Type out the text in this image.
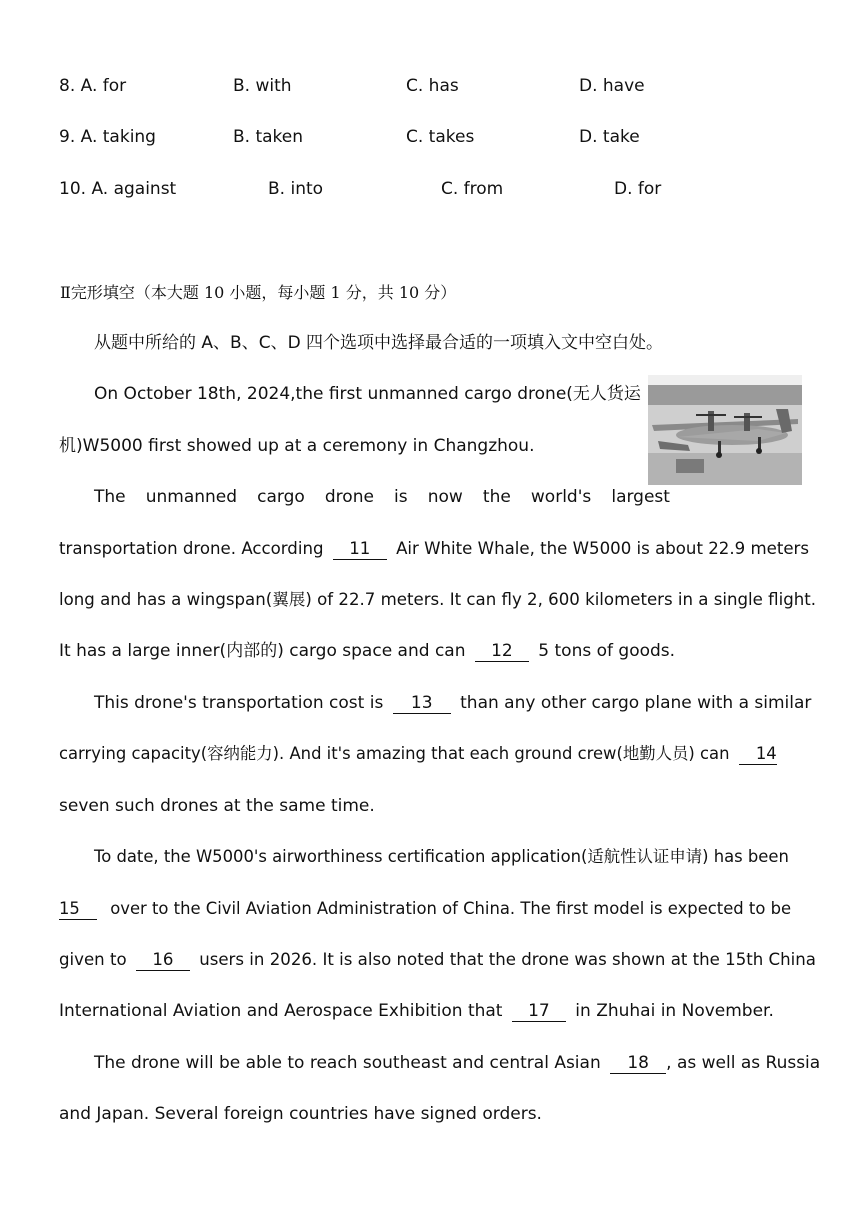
8. A. for	B. with	C. has	D. have
9. A. taking	B. taken	C. takes	D. take
10. A. against	B. into	C. from	D. for
Ⅱ完形填空（本大题 10 小题，每小题 1 分，共 10 分）
从题中所给的 A、B、C、D 四个选项中选择最合适的一项填入文中空白处。
On October 18th, 2024,the first unmanned cargo drone(无人货运
机)W5000 first showed up at a ceremony in Changzhou.
The unmanned cargo drone is now the world's largest
transportation drone. According 11 Air White Whale, the W5000 is about 22.9 meters
long and has a wingspan(翼展) of 22.7 meters. It can fly 2, 600 kilometers in a single flight.
It has a large inner(内部的) cargo space and can 12 5 tons of goods.
This drone's transportation cost is 13 than any other cargo plane with a similar
carrying capacity(容纳能力). And it's amazing that each ground crew(地勤人员) can 14
seven such drones at the same time.
To date, the W5000's airworthiness certification application(适航性认证申请) has been
15 over to the Civil Aviation Administration of China. The first model is expected to be
given to 16 users in 2026. It is also noted that the drone was shown at the 15th China
International Aviation and Aerospace Exhibition that 17 in Zhuhai in November.
The drone will be able to reach southeast and central Asian 18 , as well as Russia
and Japan. Several foreign countries have signed orders.
